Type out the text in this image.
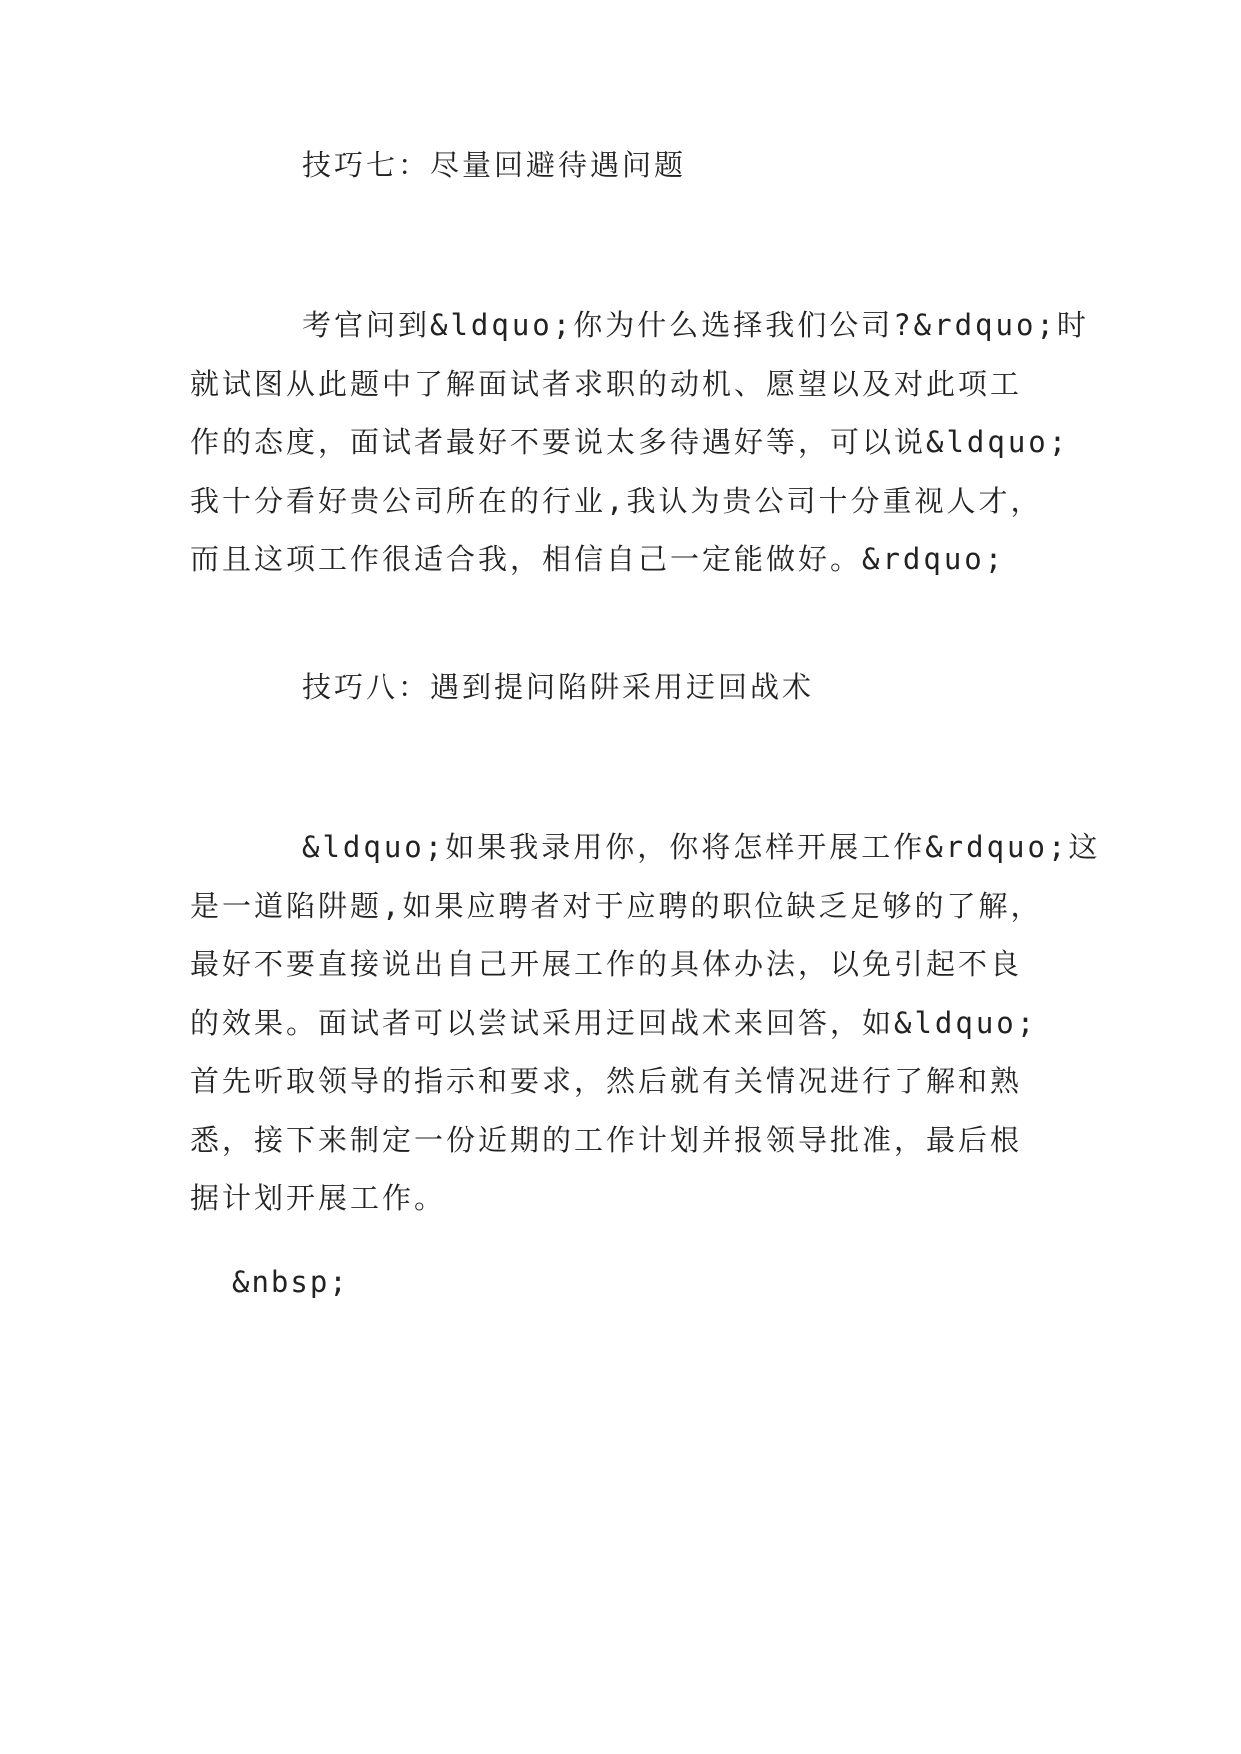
技巧七：尽量回避待遇问题
考官问到&ldquo;你为什么选择我们公司?&rdquo;时
就试图从此题中了解面试者求职的动机、愿望以及对此项工
作的态度，面试者最好不要说太多待遇好等，可以说&ldquo;
我十分看好贵公司所在的行业,我认为贵公司十分重视人才，
而且这项工作很适合我，相信自己一定能做好。&rdquo;
技巧八：遇到提问陷阱采用迂回战术
&ldquo;如果我录用你，你将怎样开展工作&rdquo;这
是一道陷阱题,如果应聘者对于应聘的职位缺乏足够的了解，
最好不要直接说出自己开展工作的具体办法，以免引起不良
的效果。面试者可以尝试采用迂回战术来回答，如&ldquo;
首先听取领导的指示和要求，然后就有关情况进行了解和熟
悉，接下来制定一份近期的工作计划并报领导批准，最后根
据计划开展工作。
&nbsp;
